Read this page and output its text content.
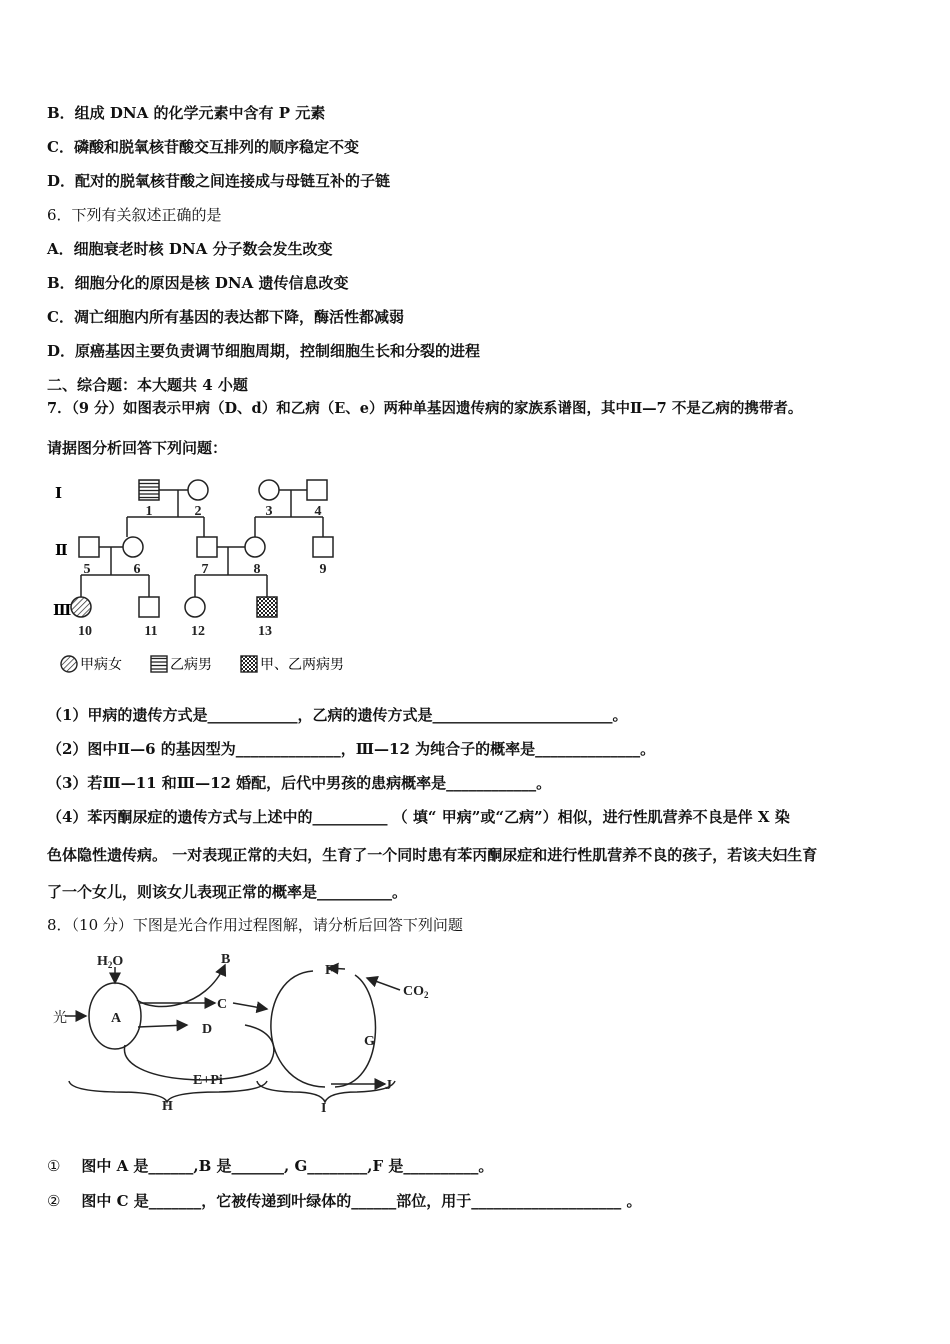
B．组成 DNA 的化学元素中含有 P 元素
C．磷酸和脱氧核苷酸交互排列的顺序稳定不变
D．配对的脱氧核苷酸之间连接成与母链互补的子链
6．下列有关叙述正确的是
A．细胞衰老时核 DNA 分子数会发生改变
B．细胞分化的原因是核 DNA 遗传信息改变
C．凋亡细胞内所有基因的表达都下降，酶活性都减弱
D．原癌基因主要负责调节细胞周期，控制细胞生长和分裂的进程
二、综合题：本大题共 4 小题
7．（9 分）如图表示甲病（D、d）和乙病（E、e）两种单基因遗传病的家族系谱图，其中Ⅱ—7 不是乙病的携带者。
请据图分析回答下列问题：
Ⅰ
Ⅱ
Ⅲ
1	2	3	4
5	6	7	8	9
10	11 12	13
甲病女	乙病男	甲、乙两病男
（1）甲病的遗传方式是____________，乙病的遗传方式是________________________。
（2）图中Ⅱ—6 的基因型为______________，Ⅲ—12 为纯合子的概率是______________。
（3）若Ⅲ—11 和Ⅲ—12 婚配，后代中男孩的患病概率是____________。
（4）苯丙酮尿症的遗传方式与上述中的__________ （ 填“ 甲病”或“乙病”）相似，进行性肌营养不良是伴 X 染
色体隐性遗传病。 一对表现正常的夫妇，生育了一个同时患有苯丙酮尿症和进行性肌营养不良的孩子，若该夫妇生育
了一个女儿，则该女儿表现正常的概率是__________。
8．（10 分）下图是光合作用过程图解，请分析后回答下列问题
$H_2O$	B
C
光	A
D
E+Pi
F
$CO_2$
G
J
H	I
① 图中 A 是______,B 是_______, G________,F 是__________。
② 图中 C 是_______，它被传递到叶绿体的______部位，用于____________________ 。
